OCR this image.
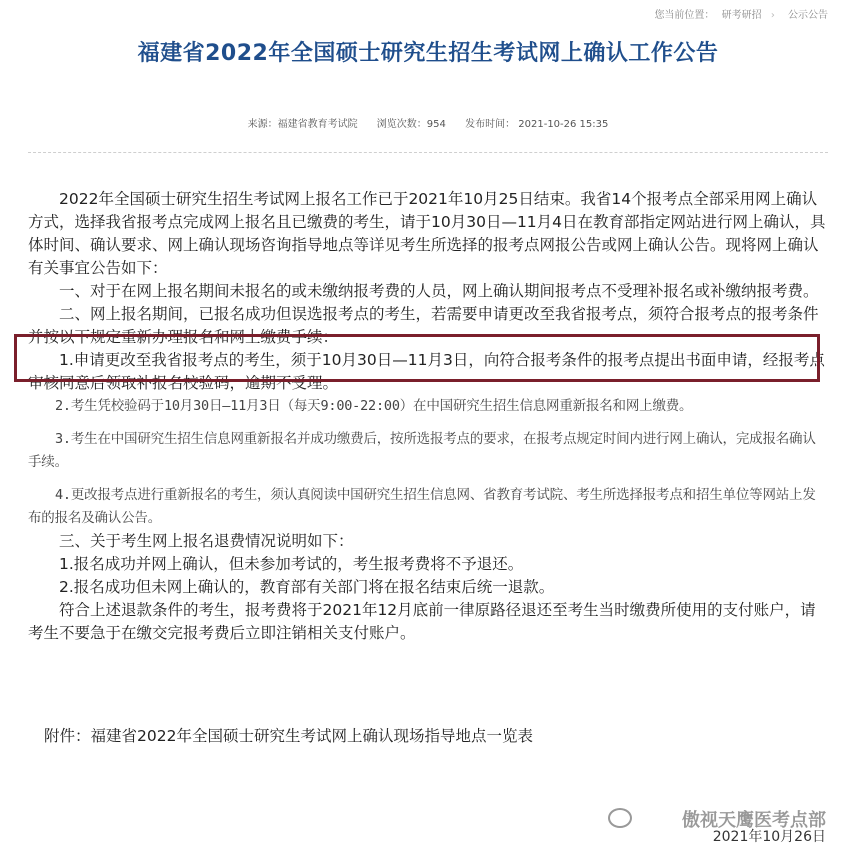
您当前位置： 研考研招 › 公示公告
福建省2022年全国硕士研究生招生考试网上确认工作公告
来源：福建省教育考试院 浏览次数：954 发布时间： 2021-10-26 15:35

2022年全国硕士研究生招生考试网上报名工作已于2021年10月25日结束。我省14个报考点全部采用网上确认方式，选择我省报考点完成网上报名且已缴费的考生，请于10月30日—11月4日在教育部指定网站进行网上确认，具体时间、确认要求、网上确认现场咨询指导地点等详见考生所选择的报考点网报公告或网上确认公告。现将网上确认有关事宜公告如下：

一、对于在网上报名期间未报名的或未缴纳报考费的人员，网上确认期间报考点不受理补报名或补缴纳报考费。

二、网上报名期间，已报名成功但误选报考点的考生，若需要申请更改至我省报考点，须符合报考点的报考条件并按以下规定重新办理报名和网上缴费手续：

1.申请更改至我省报考点的考生，须于10月30日—11月3日，向符合报考条件的报考点提出书面申请，经报考点审核同意后领取补报名校验码，逾期不受理。

2.考生凭校验码于10月30日—11月3日（每天9:00-22:00）在中国研究生招生信息网重新报名和网上缴费。

3.考生在中国研究生招生信息网重新报名并成功缴费后，按所选报考点的要求，在报考点规定时间内进行网上确认，完成报名确认手续。

4.更改报考点进行重新报名的考生，须认真阅读中国研究生招生信息网、省教育考试院、考生所选择报考点和招生单位等网站上发布的报名及确认公告。

三、关于考生网上报名退费情况说明如下：

1.报名成功并网上确认，但未参加考试的，考生报考费将不予退还。

2.报名成功但未网上确认的，教育部有关部门将在报名结束后统一退款。

符合上述退款条件的考生，报考费将于2021年12月底前一律原路径退还至考生当时缴费所使用的支付账户，请考生不要急于在缴交完报考费后立即注销相关支付账户。

附件：福建省2022年全国硕士研究生考试网上确认现场指导地点一览表
傲视天鹰医考点部
2021年10月26日
